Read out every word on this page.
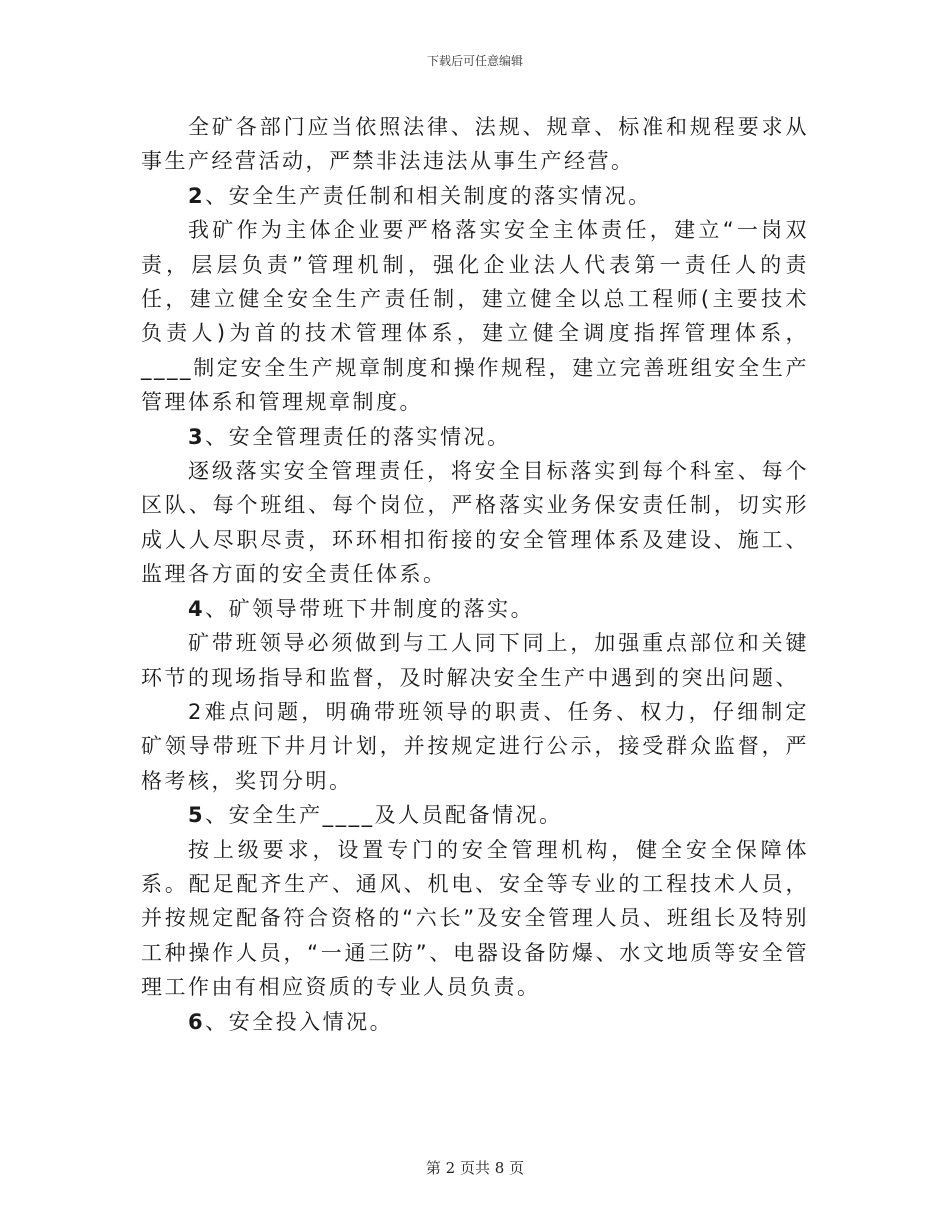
下载后可任意编辑

全矿各部门应当依照法律、法规、规章、标准和规程要求从事生产经营活动，严禁非法违法从事生产经营。

2、安全生产责任制和相关制度的落实情况。

我矿作为主体企业要严格落实安全主体责任，建立“一岗双责，层层负责”管理机制，强化企业法人代表第一责任人的责任，建立健全安全生产责任制，建立健全以总工程师(主要技术负责人)为首的技术管理体系，建立健全调度指挥管理体系，____制定安全生产规章制度和操作规程，建立完善班组安全生产管理体系和管理规章制度。

3、安全管理责任的落实情况。

逐级落实安全管理责任，将安全目标落实到每个科室、每个区队、每个班组、每个岗位，严格落实业务保安责任制，切实形成人人尽职尽责，环环相扣衔接的安全管理体系及建设、施工、监理各方面的安全责任体系。

4、矿领导带班下井制度的落实。

矿带班领导必须做到与工人同下同上，加强重点部位和关键环节的现场指导和监督，及时解决安全生产中遇到的突出问题、

2难点问题，明确带班领导的职责、任务、权力，仔细制定矿领导带班下井月计划，并按规定进行公示，接受群众监督，严格考核，奖罚分明。

5、安全生产____及人员配备情况。

按上级要求，设置专门的安全管理机构，健全安全保障体系。配足配齐生产、通风、机电、安全等专业的工程技术人员，并按规定配备符合资格的“六长”及安全管理人员、班组长及特别工种操作人员，“一通三防”、电器设备防爆、水文地质等安全管理工作由有相应资质的专业人员负责。

6、安全投入情况。

第 2 页共 8 页
